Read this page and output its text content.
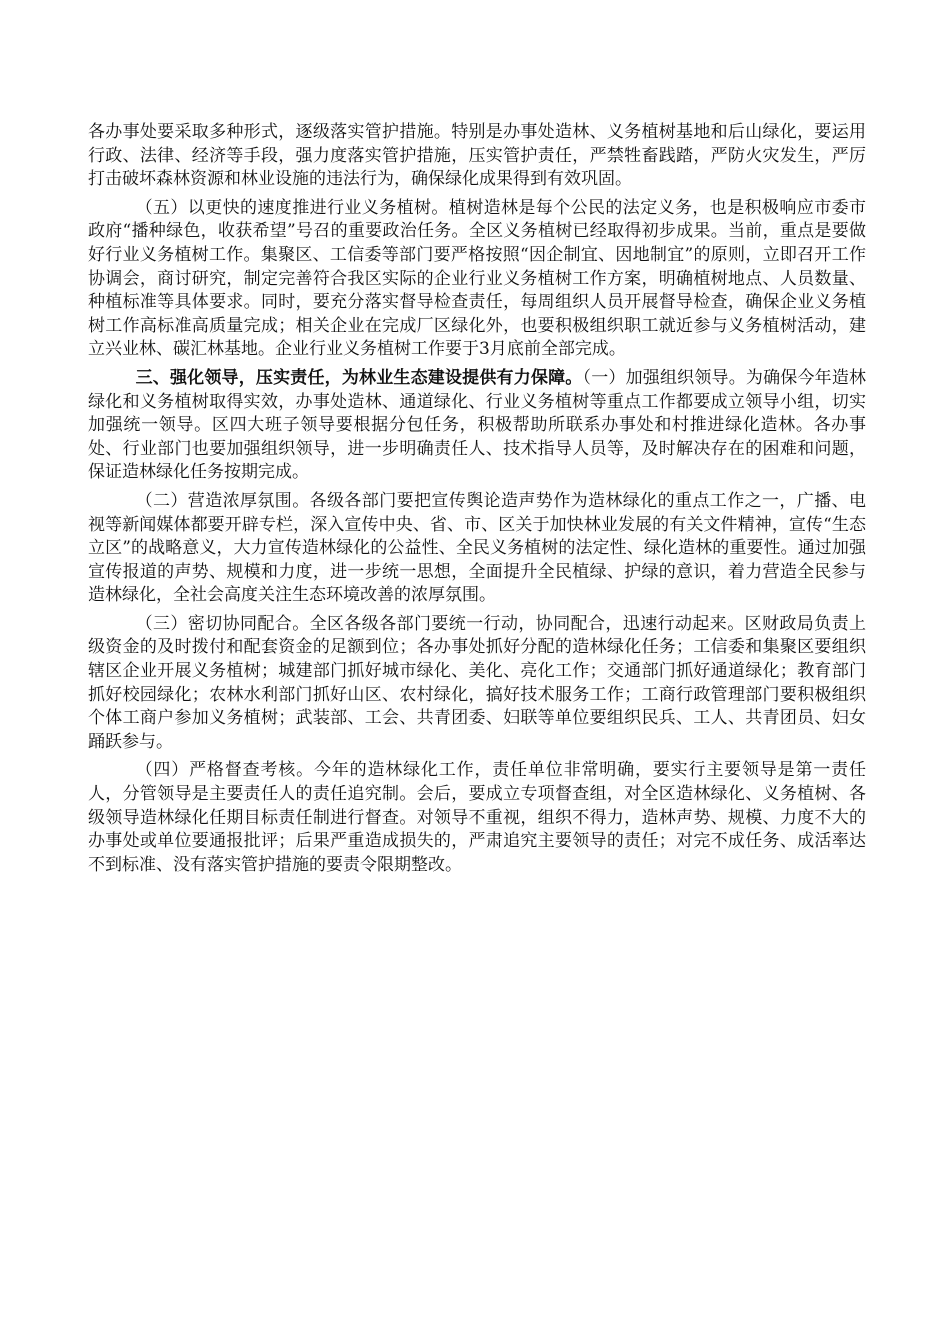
各办事处要采取多种形式，逐级落实管护措施。特别是办事处造林、义务植树基地和后山绿化，要运用行政、法律、经济等手段，强力度落实管护措施，压实管护责任，严禁牲畜践踏，严防火灾发生，严厉打击破坏森林资源和林业设施的违法行为，确保绿化成果得到有效巩固。

（五）以更快的速度推进行业义务植树。植树造林是每个公民的法定义务，也是积极响应市委市政府“播种绿色，收获希望”号召的重要政治任务。全区义务植树已经取得初步成果。当前，重点是要做好行业义务植树工作。集聚区、工信委等部门要严格按照“因企制宜、因地制宜”的原则，立即召开工作协调会，商讨研究，制定完善符合我区实际的企业行业义务植树工作方案，明确植树地点、人员数量、种植标准等具体要求。同时，要充分落实督导检查责任，每周组织人员开展督导检查，确保企业义务植树工作高标准高质量完成；相关企业在完成厂区绿化外，也要积极组织职工就近参与义务植树活动，建立兴业林、碳汇林基地。企业行业义务植树工作要于3月底前全部完成。

三、强化领导，压实责任，为林业生态建设提供有力保障。（一）加强组织领导。为确保今年造林绿化和义务植树取得实效，办事处造林、通道绿化、行业义务植树等重点工作都要成立领导小组，切实加强统一领导。区四大班子领导要根据分包任务，积极帮助所联系办事处和村推进绿化造林。各办事处、行业部门也要加强组织领导，进一步明确责任人、技术指导人员等，及时解决存在的困难和问题，保证造林绿化任务按期完成。

（二）营造浓厚氛围。各级各部门要把宣传舆论造声势作为造林绿化的重点工作之一，广播、电视等新闻媒体都要开辟专栏，深入宣传中央、省、市、区关于加快林业发展的有关文件精神，宣传“生态立区”的战略意义，大力宣传造林绿化的公益性、全民义务植树的法定性、绿化造林的重要性。通过加强宣传报道的声势、规模和力度，进一步统一思想，全面提升全民植绿、护绿的意识，着力营造全民参与造林绿化，全社会高度关注生态环境改善的浓厚氛围。

（三）密切协同配合。全区各级各部门要统一行动，协同配合，迅速行动起来。区财政局负责上级资金的及时拨付和配套资金的足额到位；各办事处抓好分配的造林绿化任务；工信委和集聚区要组织辖区企业开展义务植树；城建部门抓好城市绿化、美化、亮化工作；交通部门抓好通道绿化；教育部门抓好校园绿化；农林水利部门抓好山区、农村绿化，搞好技术服务工作；工商行政管理部门要积极组织个体工商户参加义务植树；武装部、工会、共青团委、妇联等单位要组织民兵、工人、共青团员、妇女踊跃参与。

（四）严格督查考核。今年的造林绿化工作，责任单位非常明确，要实行主要领导是第一责任人，分管领导是主要责任人的责任追究制。会后，要成立专项督查组，对全区造林绿化、义务植树、各级领导造林绿化任期目标责任制进行督查。对领导不重视，组织不得力，造林声势、规模、力度不大的办事处或单位要通报批评；后果严重造成损失的，严肃追究主要领导的责任；对完不成任务、成活率达不到标准、没有落实管护措施的要责令限期整改。
